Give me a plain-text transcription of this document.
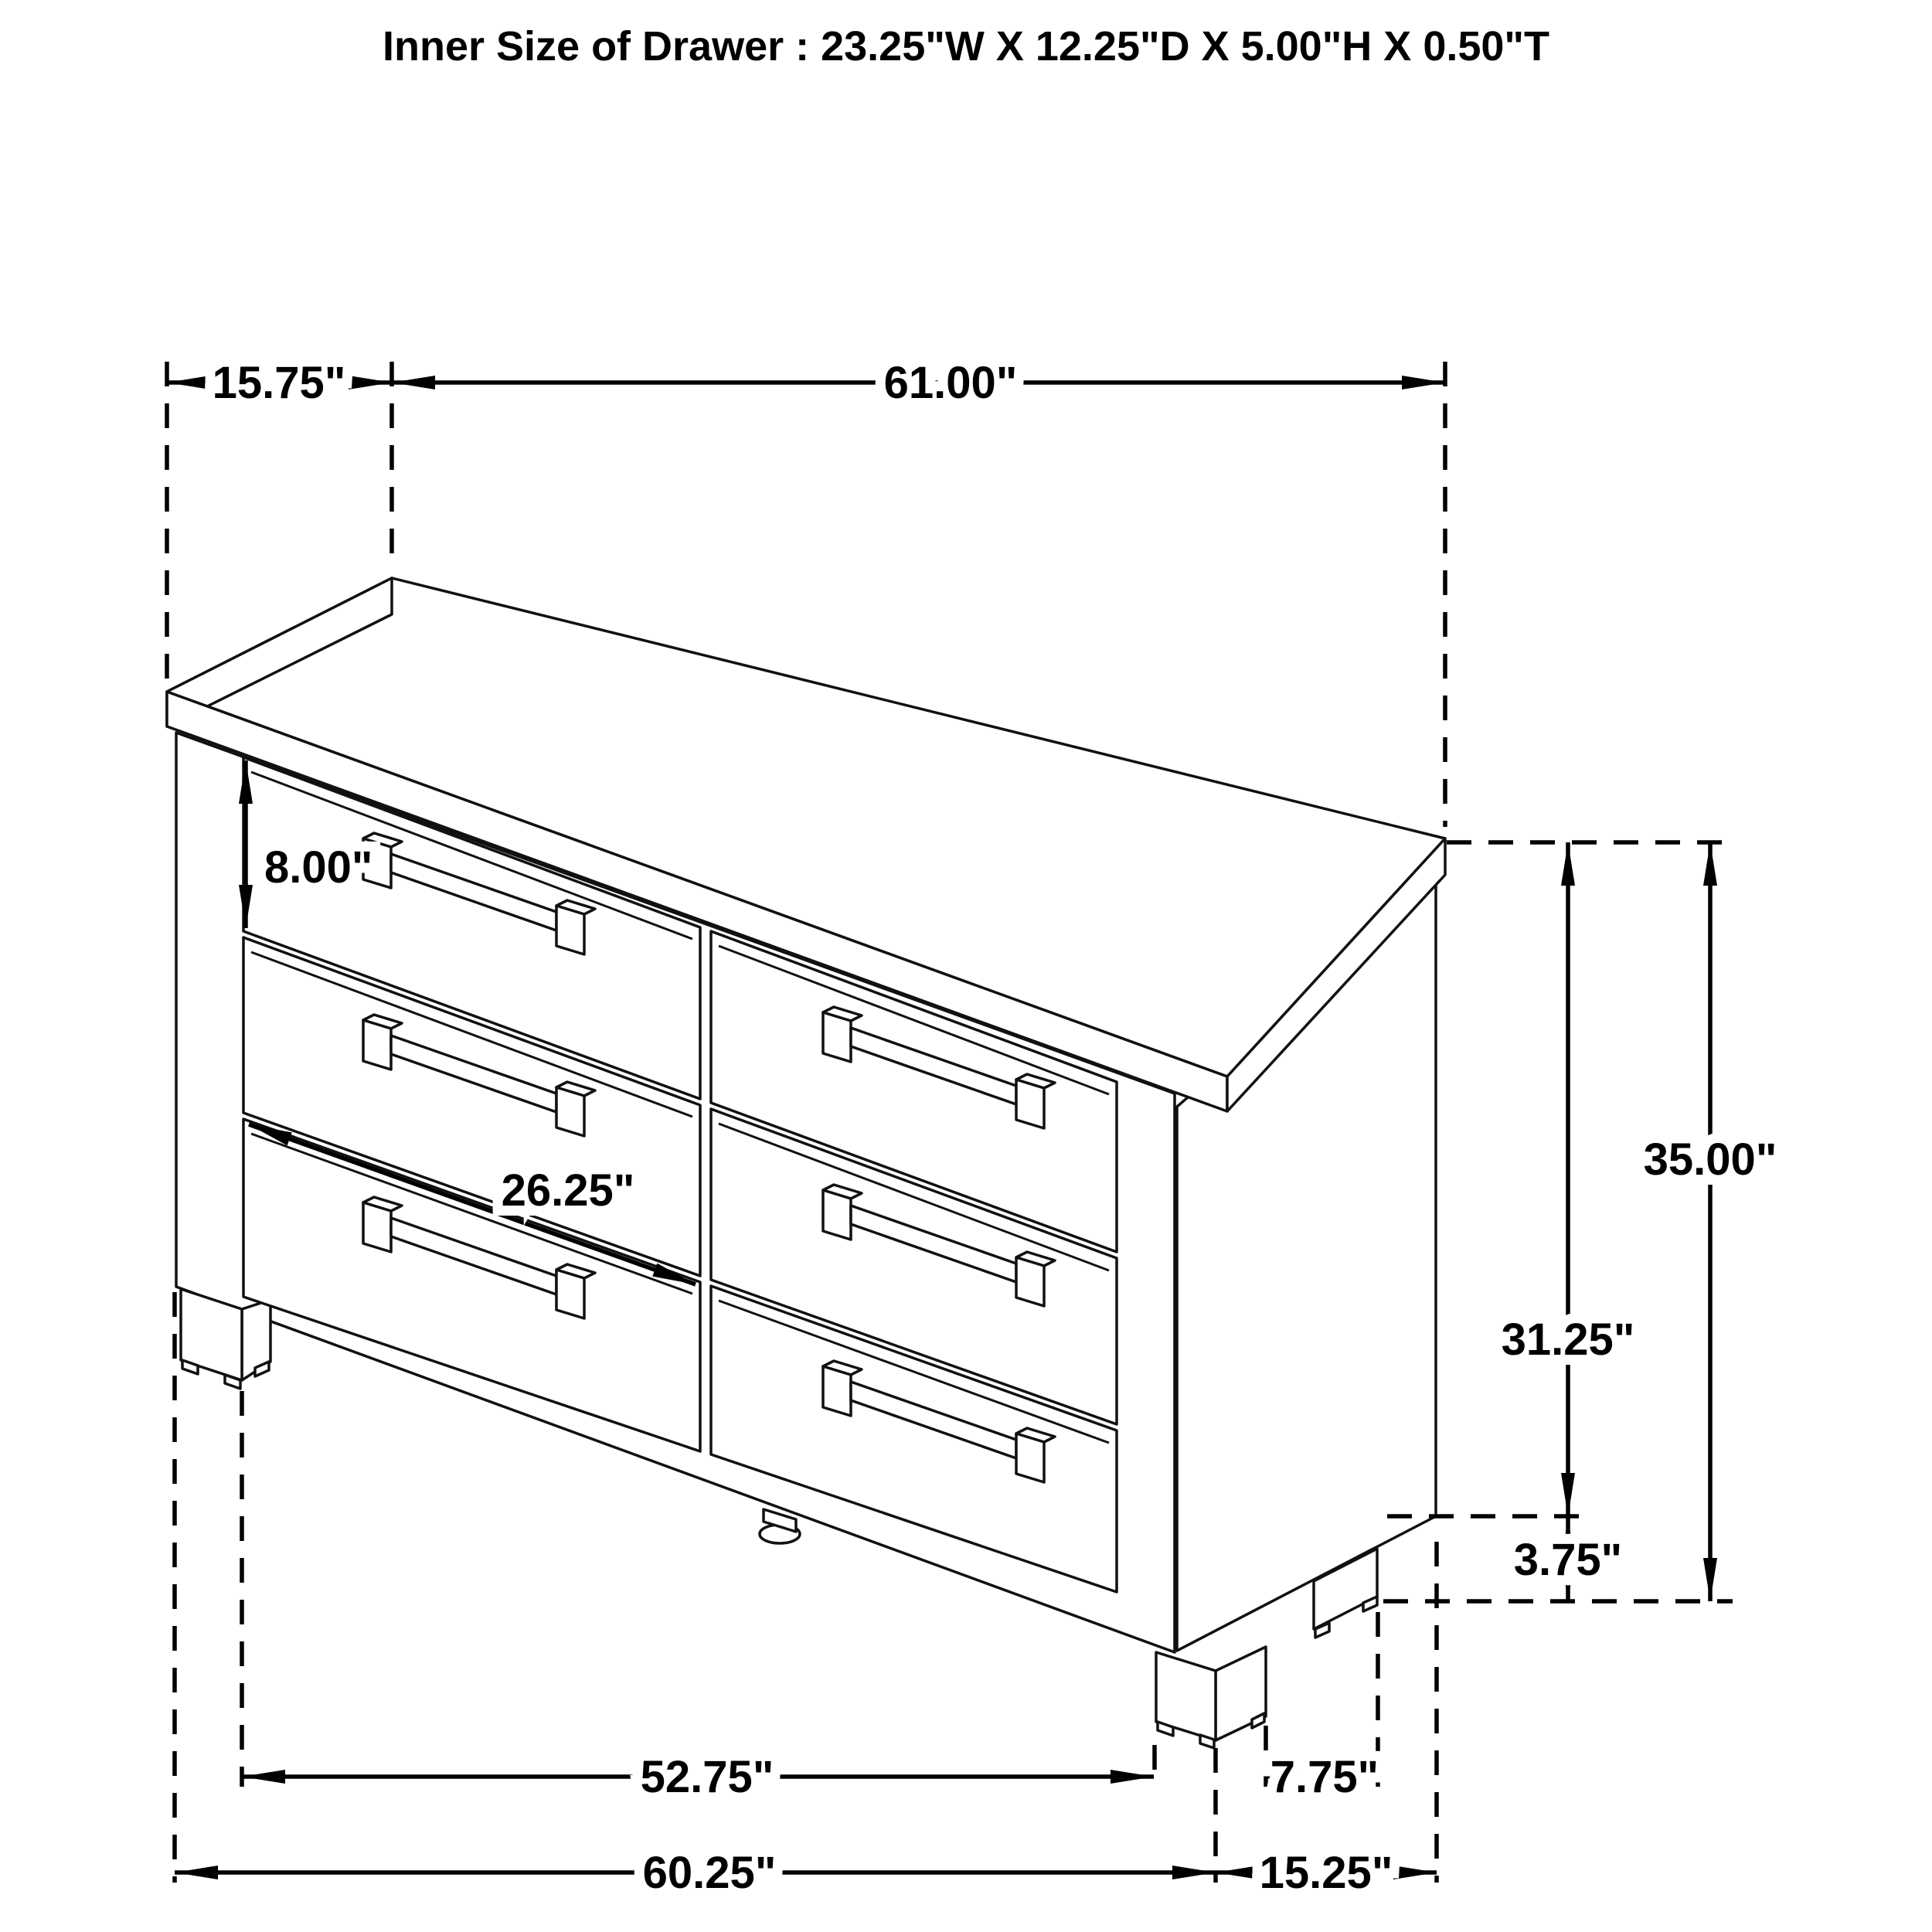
Inner Size of Drawer : 23.25"W X 12.25"D X 5.00"H X 0.50"T
15.75"	61.00"
8.00"
26.25"
31.25"
35.00"
3.75"
52.75"	7.75"
60.25"	15.25"
